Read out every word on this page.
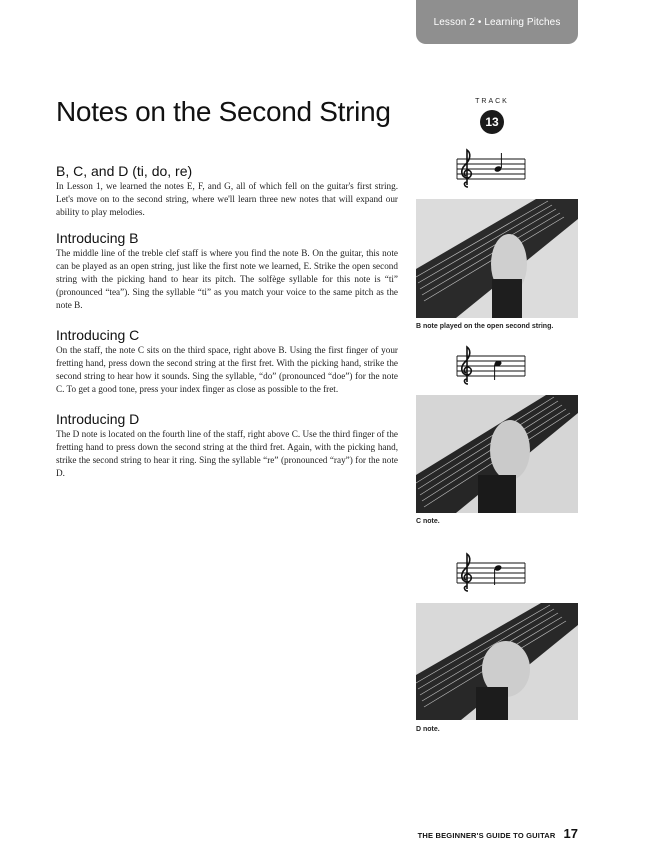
Lesson 2 • Learning Pitches
Notes on the Second String	TRACK
13
B, C, and D (ti, do, re)

In Lesson 1, we learned the notes E, F, and G, all of which fell on the guitar's first string. Let's move on to the second string, where we'll learn three new notes that will expand our ability to play melodies.

Introducing B

The middle line of the treble clef staff is where you find the note B. On the guitar, this note can be played as an open string, just like the first note we learned, E. Strike the open second string with the picking hand to hear its pitch. The solfège syllable for this note is “ti” (pronounced “tea”). Sing the syllable “ti” as you match your voice to the same pitch as the note B.

Introducing C

On the staff, the note C sits on the third space, right above B. Using the first finger of your fretting hand, press down the second string at the first fret. With the picking hand, strike the second string to hear how it sounds. Sing the syllable, “do” (pronounced “doe”) for the note C. To get a good tone, press your index finger as close as possible to the fret.

Introducing D

The D note is located on the fourth line of the staff, right above C. Use the third finger of the fretting hand to press down the second string at the third fret. Again, with the picking hand, strike the second string to hear it ring. Sing the syllable “re” (pronounced “ray”) for the note D.

B note played on the open second string.
C note.
D note.
THE BEGINNER'S GUIDE TO GUITAR 17
